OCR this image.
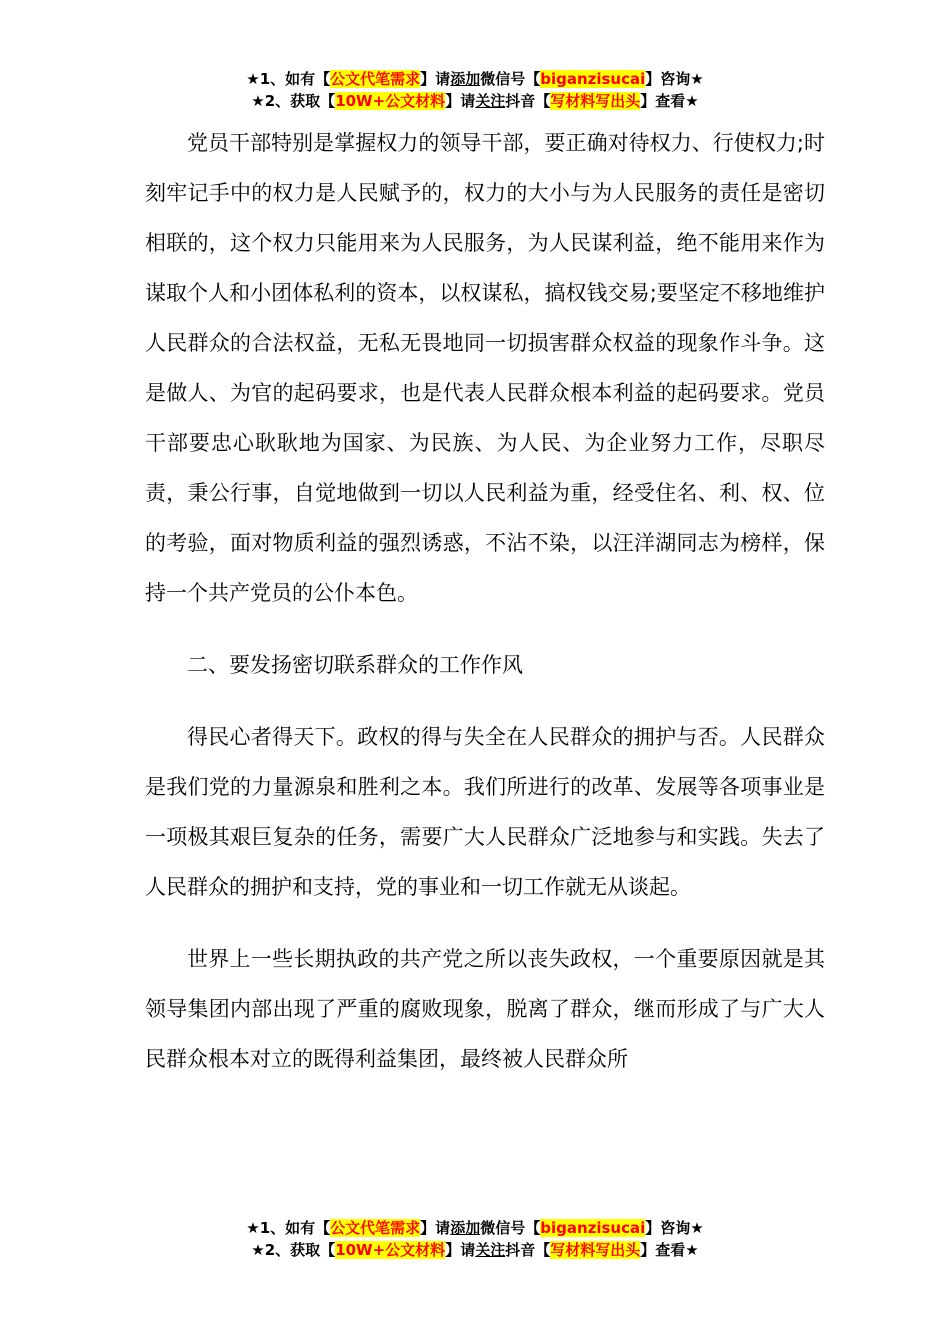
★1、如有【公文代笔需求】请添加微信号【biganzisucai】咨询★
★2、获取【10W+公文材料】请关注抖音【写材料写出头】查看★

党员干部特别是掌握权力的领导干部，要正确对待权力、行使权力;时刻牢记手中的权力是人民赋予的，权力的大小与为人民服务的责任是密切相联的，这个权力只能用来为人民服务，为人民谋利益，绝不能用来作为谋取个人和小团体私利的资本，以权谋私，搞权钱交易;要坚定不移地维护人民群众的合法权益，无私无畏地同一切损害群众权益的现象作斗争。这是做人、为官的起码要求，也是代表人民群众根本利益的起码要求。党员干部要忠心耿耿地为国家、为民族、为人民、为企业努力工作，尽职尽责，秉公行事，自觉地做到一切以人民利益为重，经受住名、利、权、位的考验，面对物质利益的强烈诱惑，不沾不染，以汪洋湖同志为榜样，保持一个共产党员的公仆本色。

二、要发扬密切联系群众的工作作风

得民心者得天下。政权的得与失全在人民群众的拥护与否。人民群众是我们党的力量源泉和胜利之本。我们所进行的改革、发展等各项事业是一项极其艰巨复杂的任务，需要广大人民群众广泛地参与和实践。失去了人民群众的拥护和支持，党的事业和一切工作就无从谈起。

世界上一些长期执政的共产党之所以丧失政权，一个重要原因就是其领导集团内部出现了严重的腐败现象，脱离了群众，继而形成了与广大人民群众根本对立的既得利益集团，最终被人民群众所

★1、如有【公文代笔需求】请添加微信号【biganzisucai】咨询★
★2、获取【10W+公文材料】请关注抖音【写材料写出头】查看★
